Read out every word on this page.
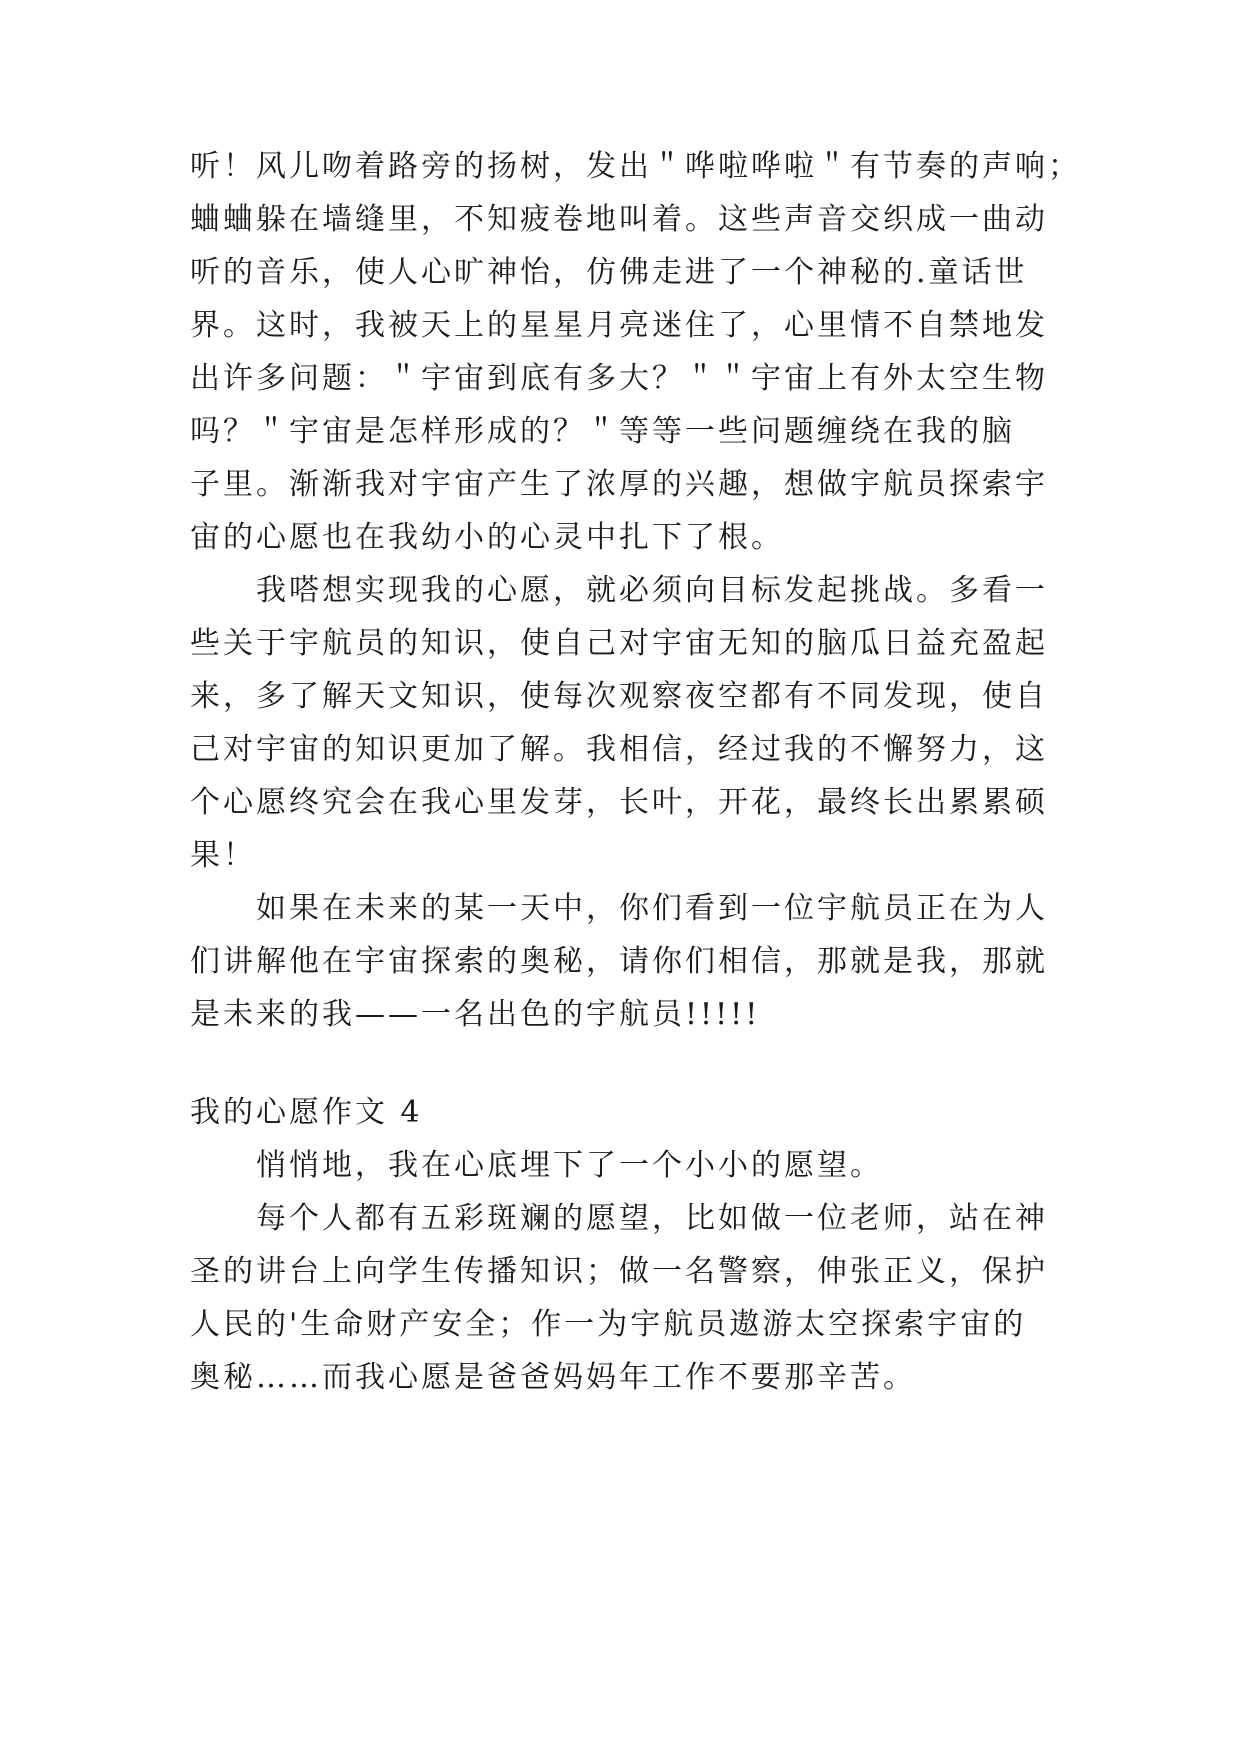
听！风儿吻着路旁的扬树，发出＂哗啦哗啦＂有节奏的声响；
蛐蛐躲在墙缝里，不知疲卷地叫着。这些声音交织成一曲动
听的音乐，使人心旷神怡，仿佛走进了一个神秘的.童话世
界。这时，我被天上的星星月亮迷住了，心里情不自禁地发
出许多问题：＂宇宙到底有多大？＂＂宇宙上有外太空生物
吗？＂宇宙是怎样形成的？＂等等一些问题缠绕在我的脑
子里。渐渐我对宇宙产生了浓厚的兴趣，想做宇航员探索宇
宙的心愿也在我幼小的心灵中扎下了根。
我嗒想实现我的心愿，就必须向目标发起挑战。多看一
些关于宇航员的知识，使自己对宇宙无知的脑瓜日益充盈起
来，多了解天文知识，使每次观察夜空都有不同发现，使自
己对宇宙的知识更加了解。我相信，经过我的不懈努力，这
个心愿终究会在我心里发芽，长叶，开花，最终长出累累硕
果！
如果在未来的某一天中，你们看到一位宇航员正在为人
们讲解他在宇宙探索的奥秘，请你们相信，那就是我，那就
是未来的我——一名出色的宇航员!!!!!
我的心愿作文 4
悄悄地，我在心底埋下了一个小小的愿望。
每个人都有五彩斑斓的愿望，比如做一位老师，站在神
圣的讲台上向学生传播知识；做一名警察，伸张正义，保护
人民的'生命财产安全；作一为宇航员遨游太空探索宇宙的
奥秘……而我心愿是爸爸妈妈年工作不要那辛苦。
